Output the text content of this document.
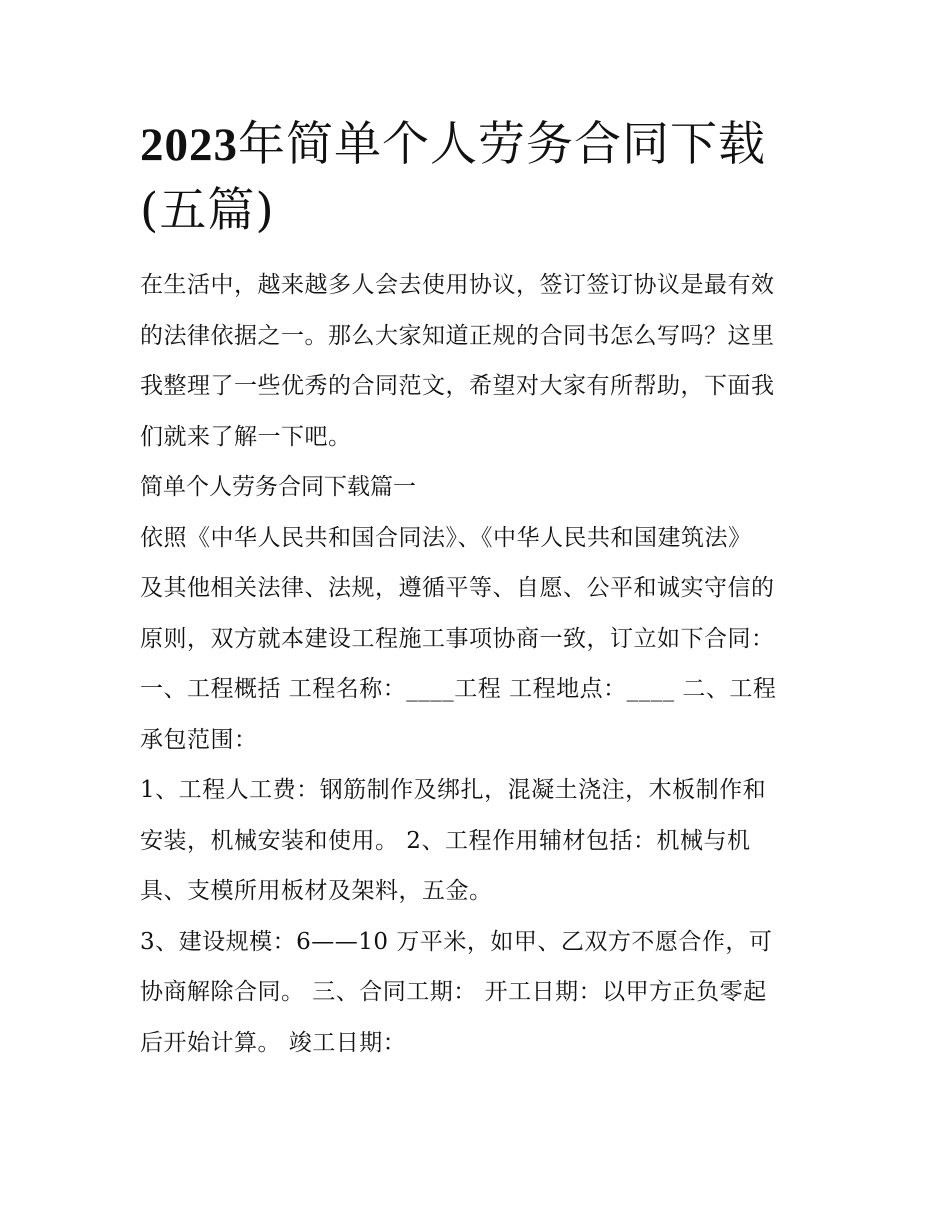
2023年简单个人劳务合同下载(五篇)

在生活中，越来越多人会去使用协议，签订签订协议是最有效

的法律依据之一。那么大家知道正规的合同书怎么写吗？这里

我整理了一些优秀的合同范文，希望对大家有所帮助，下面我

们就来了解一下吧。

简单个人劳务合同下载篇一

依照《中华人民共和国合同法》、《中华人民共和国建筑法》

及其他相关法律、法规，遵循平等、自愿、公平和诚实守信的

原则，双方就本建设工程施工事项协商一致，订立如下合同：

一、工程概括 工程名称：____工程 工程地点：____ 二、工程

承包范围：

1、工程人工费：钢筋制作及绑扎，混凝土浇注，木板制作和

安装，机械安装和使用。 2、工程作用辅材包括：机械与机

具、支模所用板材及架料，五金。

3、建设规模：6——10 万平米，如甲、乙双方不愿合作，可

协商解除合同。 三、合同工期： 开工日期：以甲方正负零起

后开始计算。 竣工日期：
